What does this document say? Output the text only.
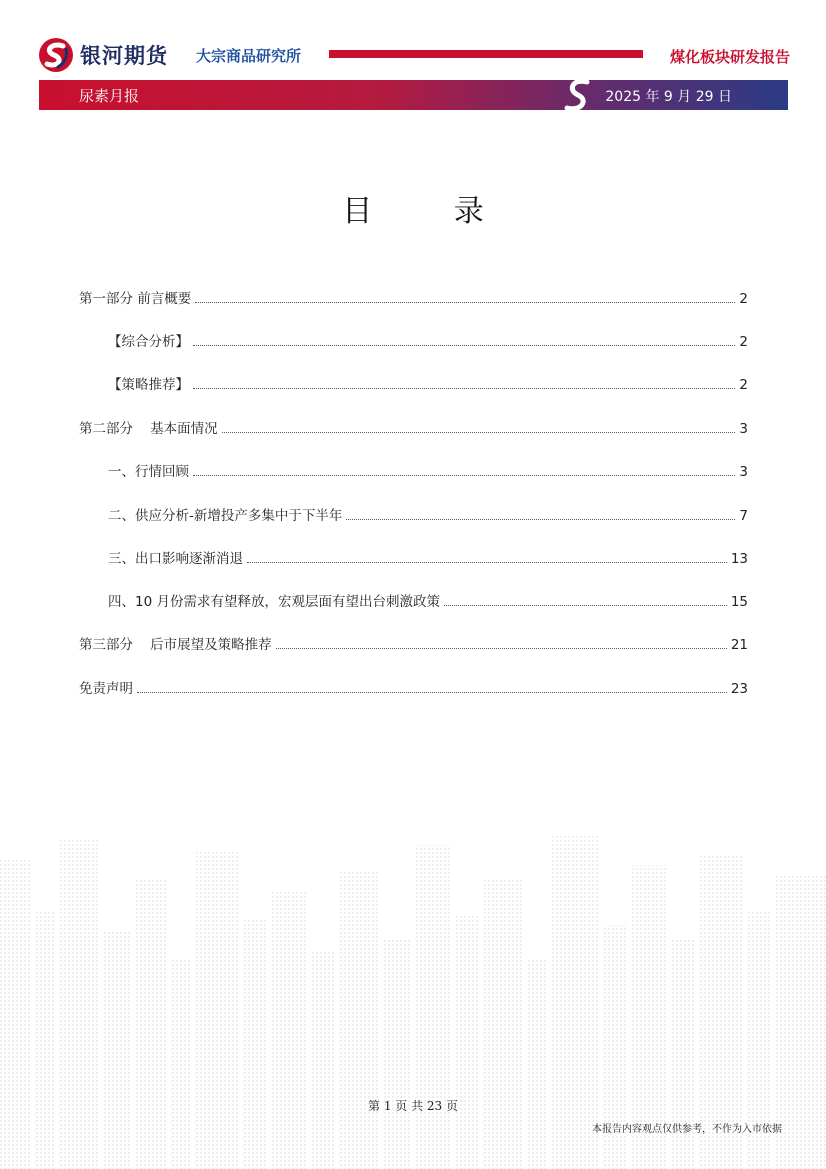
银河期货 大宗商品研究所	煤化板块研发报告
尿素月报	2025 年 9 月 29 日
目 录
第一部分 前言概要	2
【综合分析】	2
【策略推荐】	2
第二部分    基本面情况	3
一、行情回顾	3
二、供应分析-新增投产多集中于下半年	7
三、出口影响逐渐消退	13
四、10 月份需求有望释放，宏观层面有望出台刺激政策	15
第三部分    后市展望及策略推荐	21
免责声明	23
第 1 页 共 23 页
本报告内容观点仅供参考，不作为入市依据
